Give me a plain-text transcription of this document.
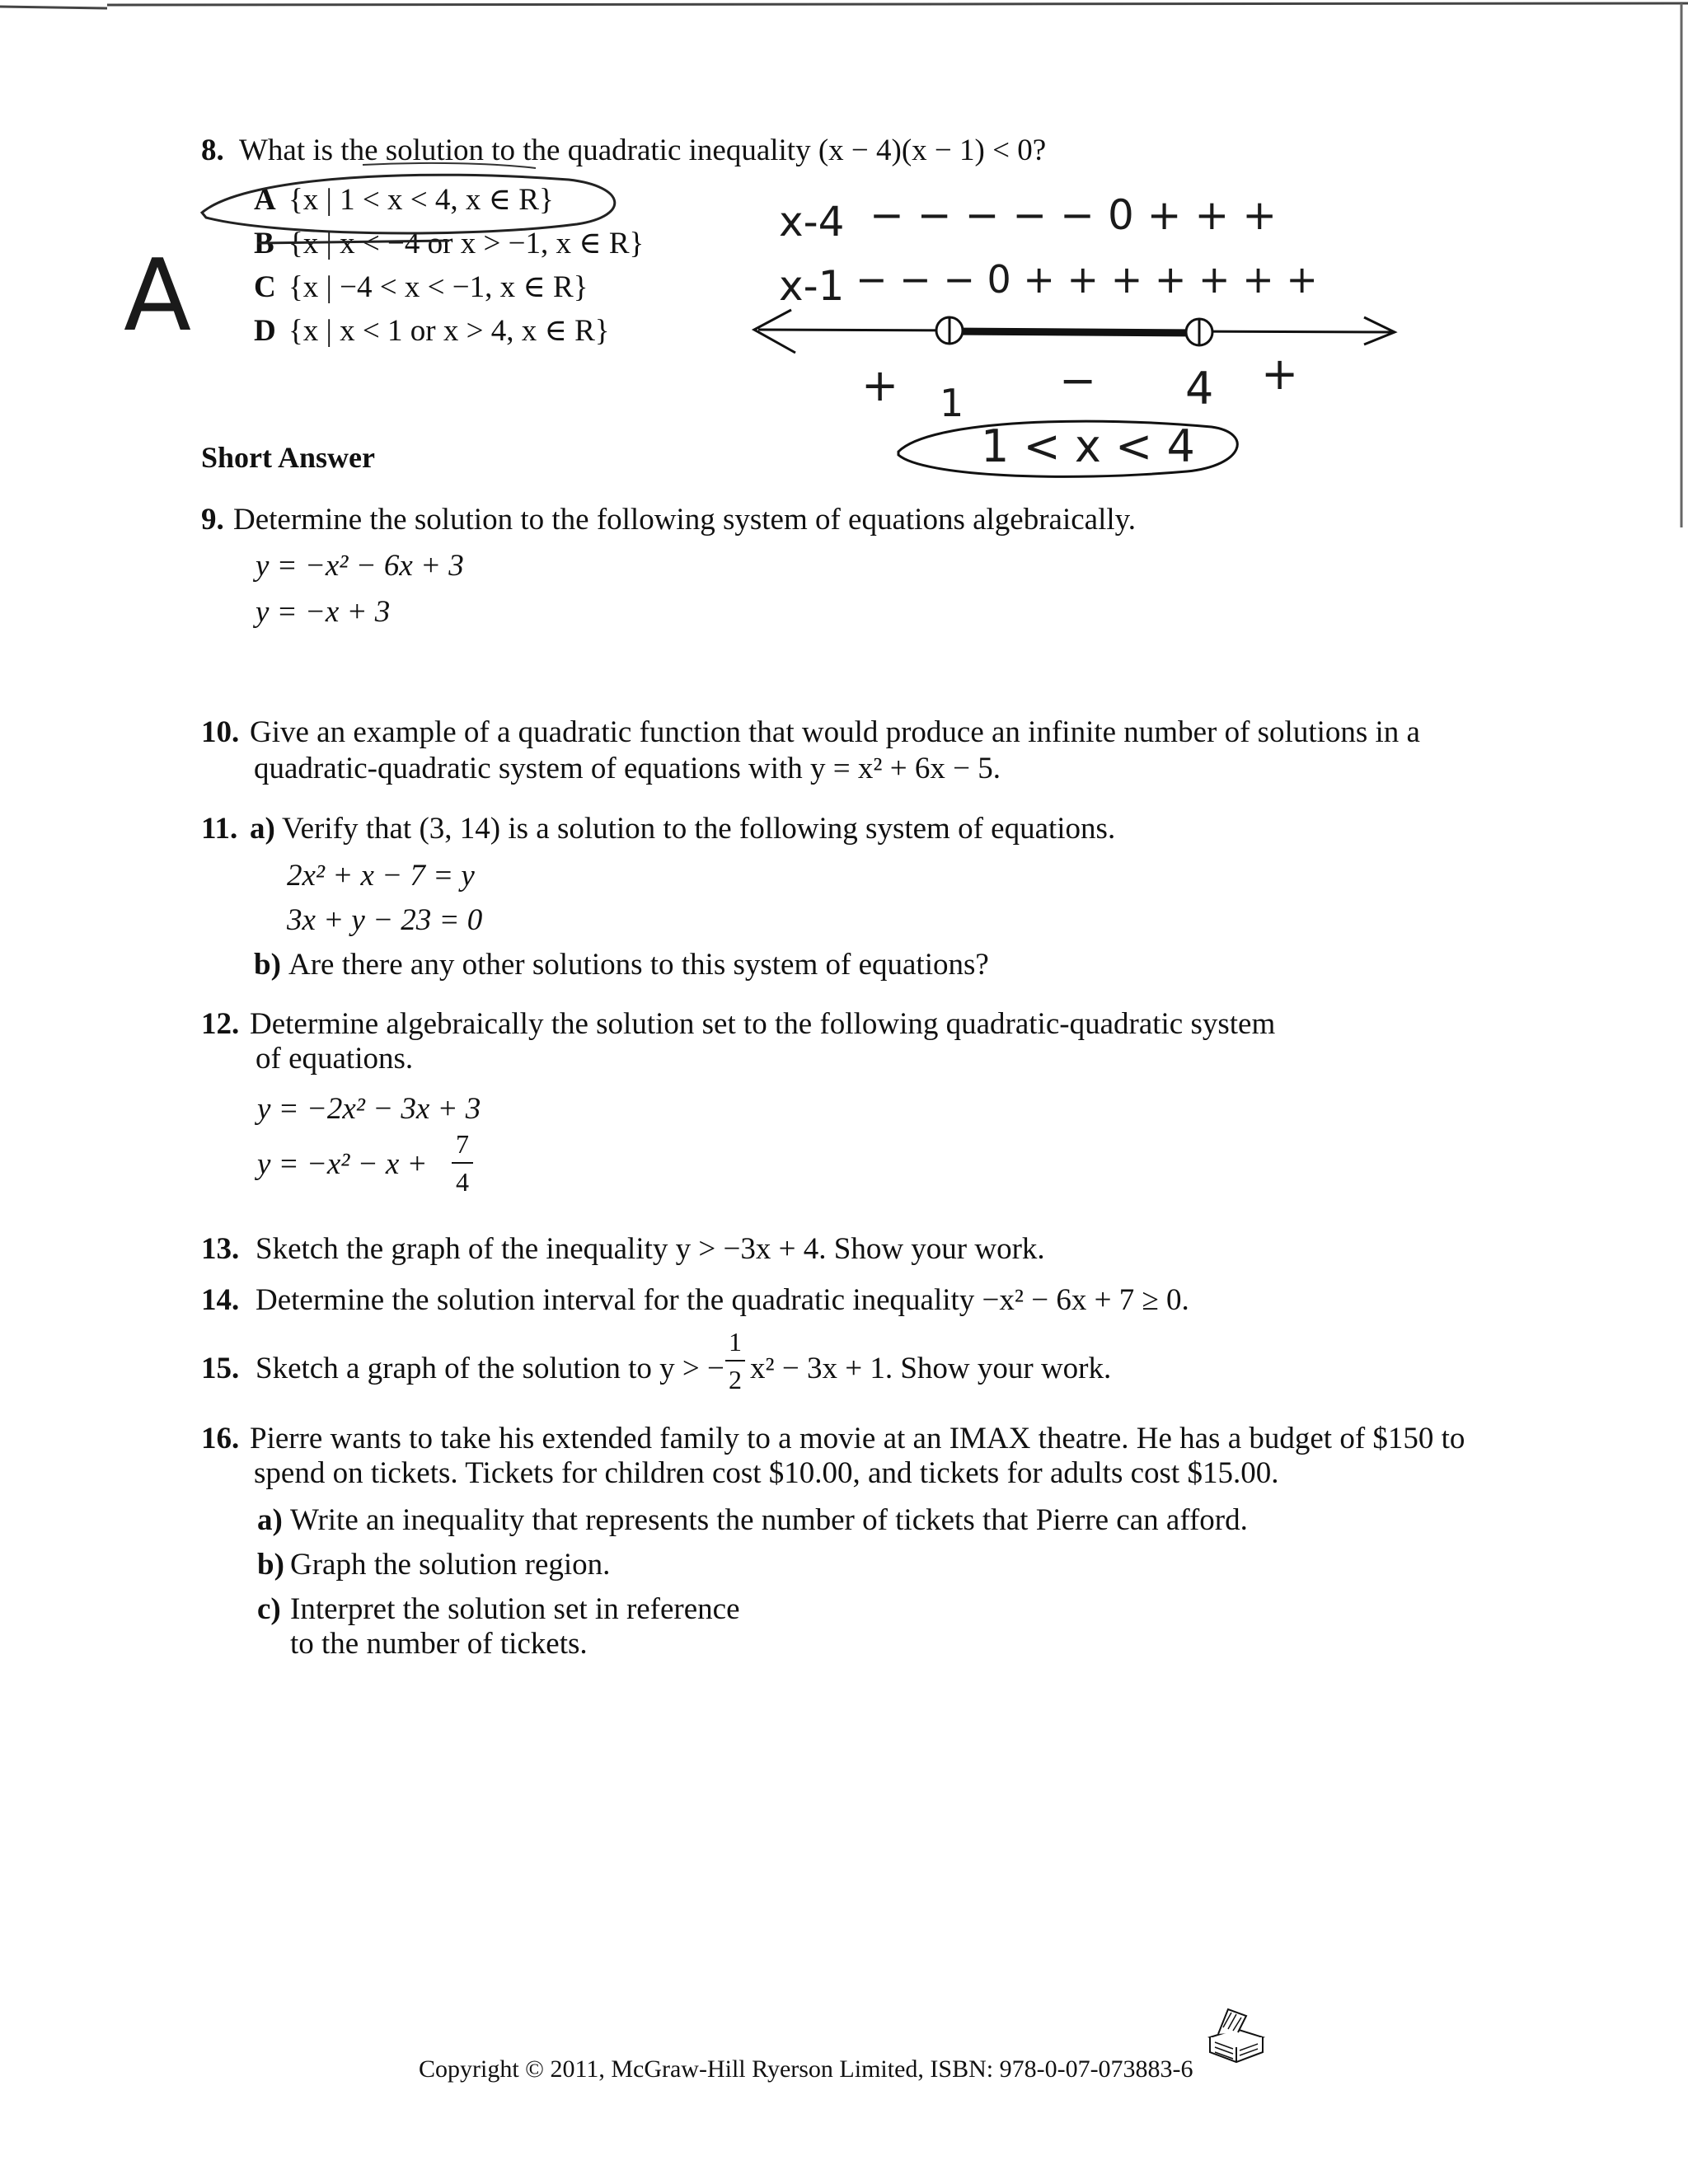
8. What is the solution to the quadratic inequality (x − 4)(x − 1) < 0?
A {x | 1 < x < 4, x ∈ R}
B {x | x < −4 or x > −1, x ∈ R}
C {x | −4 < x < −1, x ∈ R}
D {x | x < 1 or x > 4, x ∈ R}
A
x-4 − − − − − 0 + + +
x-1 − − − 0 + + + + + + +
+ 1 − 4 +
1 < x < 4
Short Answer
9. Determine the solution to the following system of equations algebraically.
y = −x² − 6x + 3
y = −x + 3
10. Give an example of a quadratic function that would produce an infinite number of solutions in a
quadratic-quadratic system of equations with y = x² + 6x − 5.
11. a) Verify that (3, 14) is a solution to the following system of equations.
2x² + x − 7 = y
3x + y − 23 = 0
b) Are there any other solutions to this system of equations?
12. Determine algebraically the solution set to the following quadratic-quadratic system
of equations.
y = −2x² − 3x + 3
y = −x² − x +
7
4
13. Sketch the graph of the inequality y > −3x + 4. Show your work.
14. Determine the solution interval for the quadratic inequality −x² − 6x + 7 ≥ 0.
15. Sketch a graph of the solution to y > −
1
2 x² − 3x + 1. Show your work.
16. Pierre wants to take his extended family to a movie at an IMAX theatre. He has a budget of $150 to
spend on tickets. Tickets for children cost $10.00, and tickets for adults cost $15.00.
a) Write an inequality that represents the number of tickets that Pierre can afford.
b) Graph the solution region.
c) Interpret the solution set in reference
to the number of tickets.
Copyright © 2011, McGraw-Hill Ryerson Limited, ISBN: 978-0-07-073883-6
